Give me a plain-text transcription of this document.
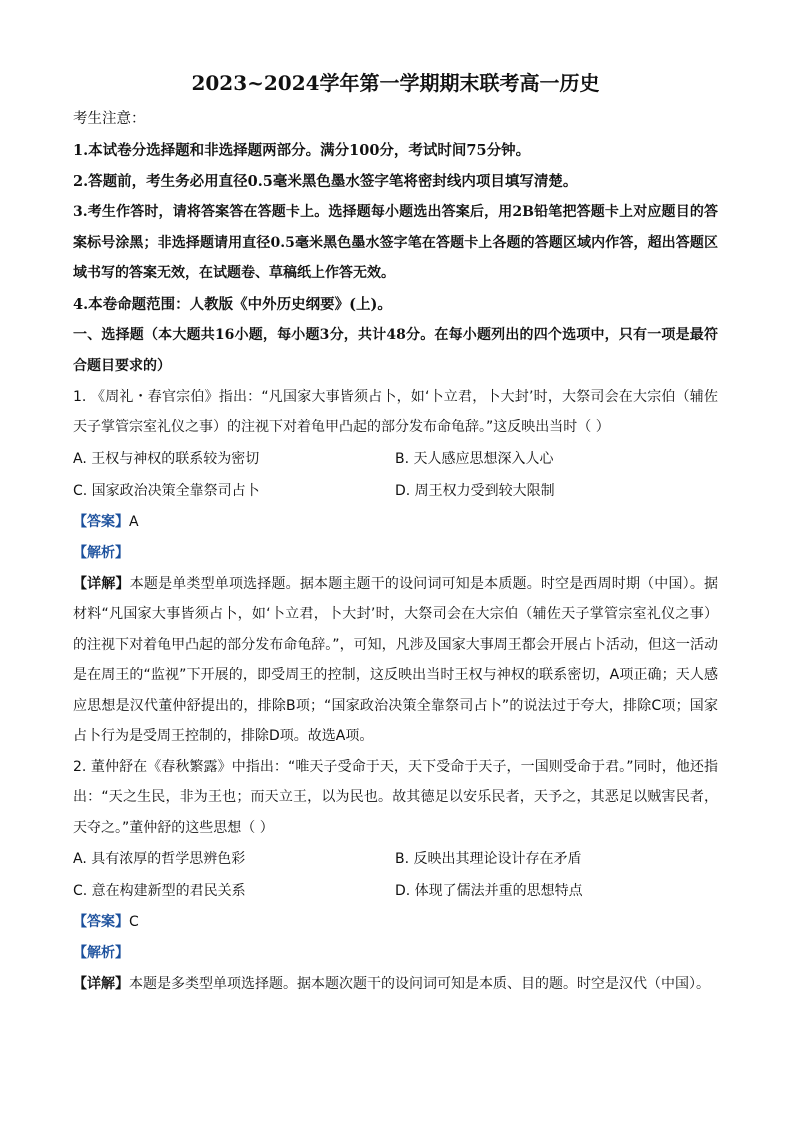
2023~2024学年第一学期期末联考高一历史
考生注意：
1.本试卷分选择题和非选择题两部分。满分100分，考试时间75分钟。
2.答题前，考生务必用直径0.5毫米黑色墨水签字笔将密封线内项目填写清楚。
3.考生作答时，请将答案答在答题卡上。选择题每小题选出答案后，用2B铅笔把答题卡上对应题目的答案标号涂黑；非选择题请用直径0.5毫米黑色墨水签字笔在答题卡上各题的答题区域内作答，超出答题区域书写的答案无效，在试题卷、草稿纸上作答无效。
4.本卷命题范围：人教版《中外历史纲要》(上)。
一、选择题（本大题共16小题，每小题3分，共计48分。在每小题列出的四个选项中，只有一项是最符合题目要求的）
1. 《周礼・春官宗伯》指出：“凡国家大事皆须占卜，如‘卜立君，卜大封’时，大祭司会在大宗伯（辅佐天子掌管宗室礼仪之事）的注视下对着龟甲凸起的部分发布命龟辞。”这反映出当时（ ）
A. 王权与神权的联系较为密切	B. 天人感应思想深入人心
C. 国家政治决策全靠祭司占卜	D. 周王权力受到较大限制
【答案】A
【解析】
【详解】本题是单类型单项选择题。据本题主题干的设问词可知是本质题。时空是西周时期（中国）。据材料“凡国家大事皆须占卜，如‘卜立君，卜大封’时，大祭司会在大宗伯（辅佐天子掌管宗室礼仪之事）的注视下对着龟甲凸起的部分发布命龟辞。”，可知，凡涉及国家大事周王都会开展占卜活动，但这一活动是在周王的“监视”下开展的，即受周王的控制，这反映出当时王权与神权的联系密切，A项正确；天人感应思想是汉代董仲舒提出的，排除B项；“国家政治决策全靠祭司占卜”的说法过于夸大，排除C项；国家占卜行为是受周王控制的，排除D项。故选A项。
2. 董仲舒在《春秋繁露》中指出：“唯天子受命于天，天下受命于天子，一国则受命于君。”同时，他还指出：“天之生民，非为王也；而天立王，以为民也。故其德足以安乐民者，天予之，其恶足以贼害民者，天夺之。”董仲舒的这些思想（ ）
A. 具有浓厚的哲学思辨色彩	B. 反映出其理论设计存在矛盾
C. 意在构建新型的君民关系	D. 体现了儒法并重的思想特点
【答案】C
【解析】
【详解】本题是多类型单项选择题。据本题次题干的设问词可知是本质、目的题。时空是汉代（中国）。
